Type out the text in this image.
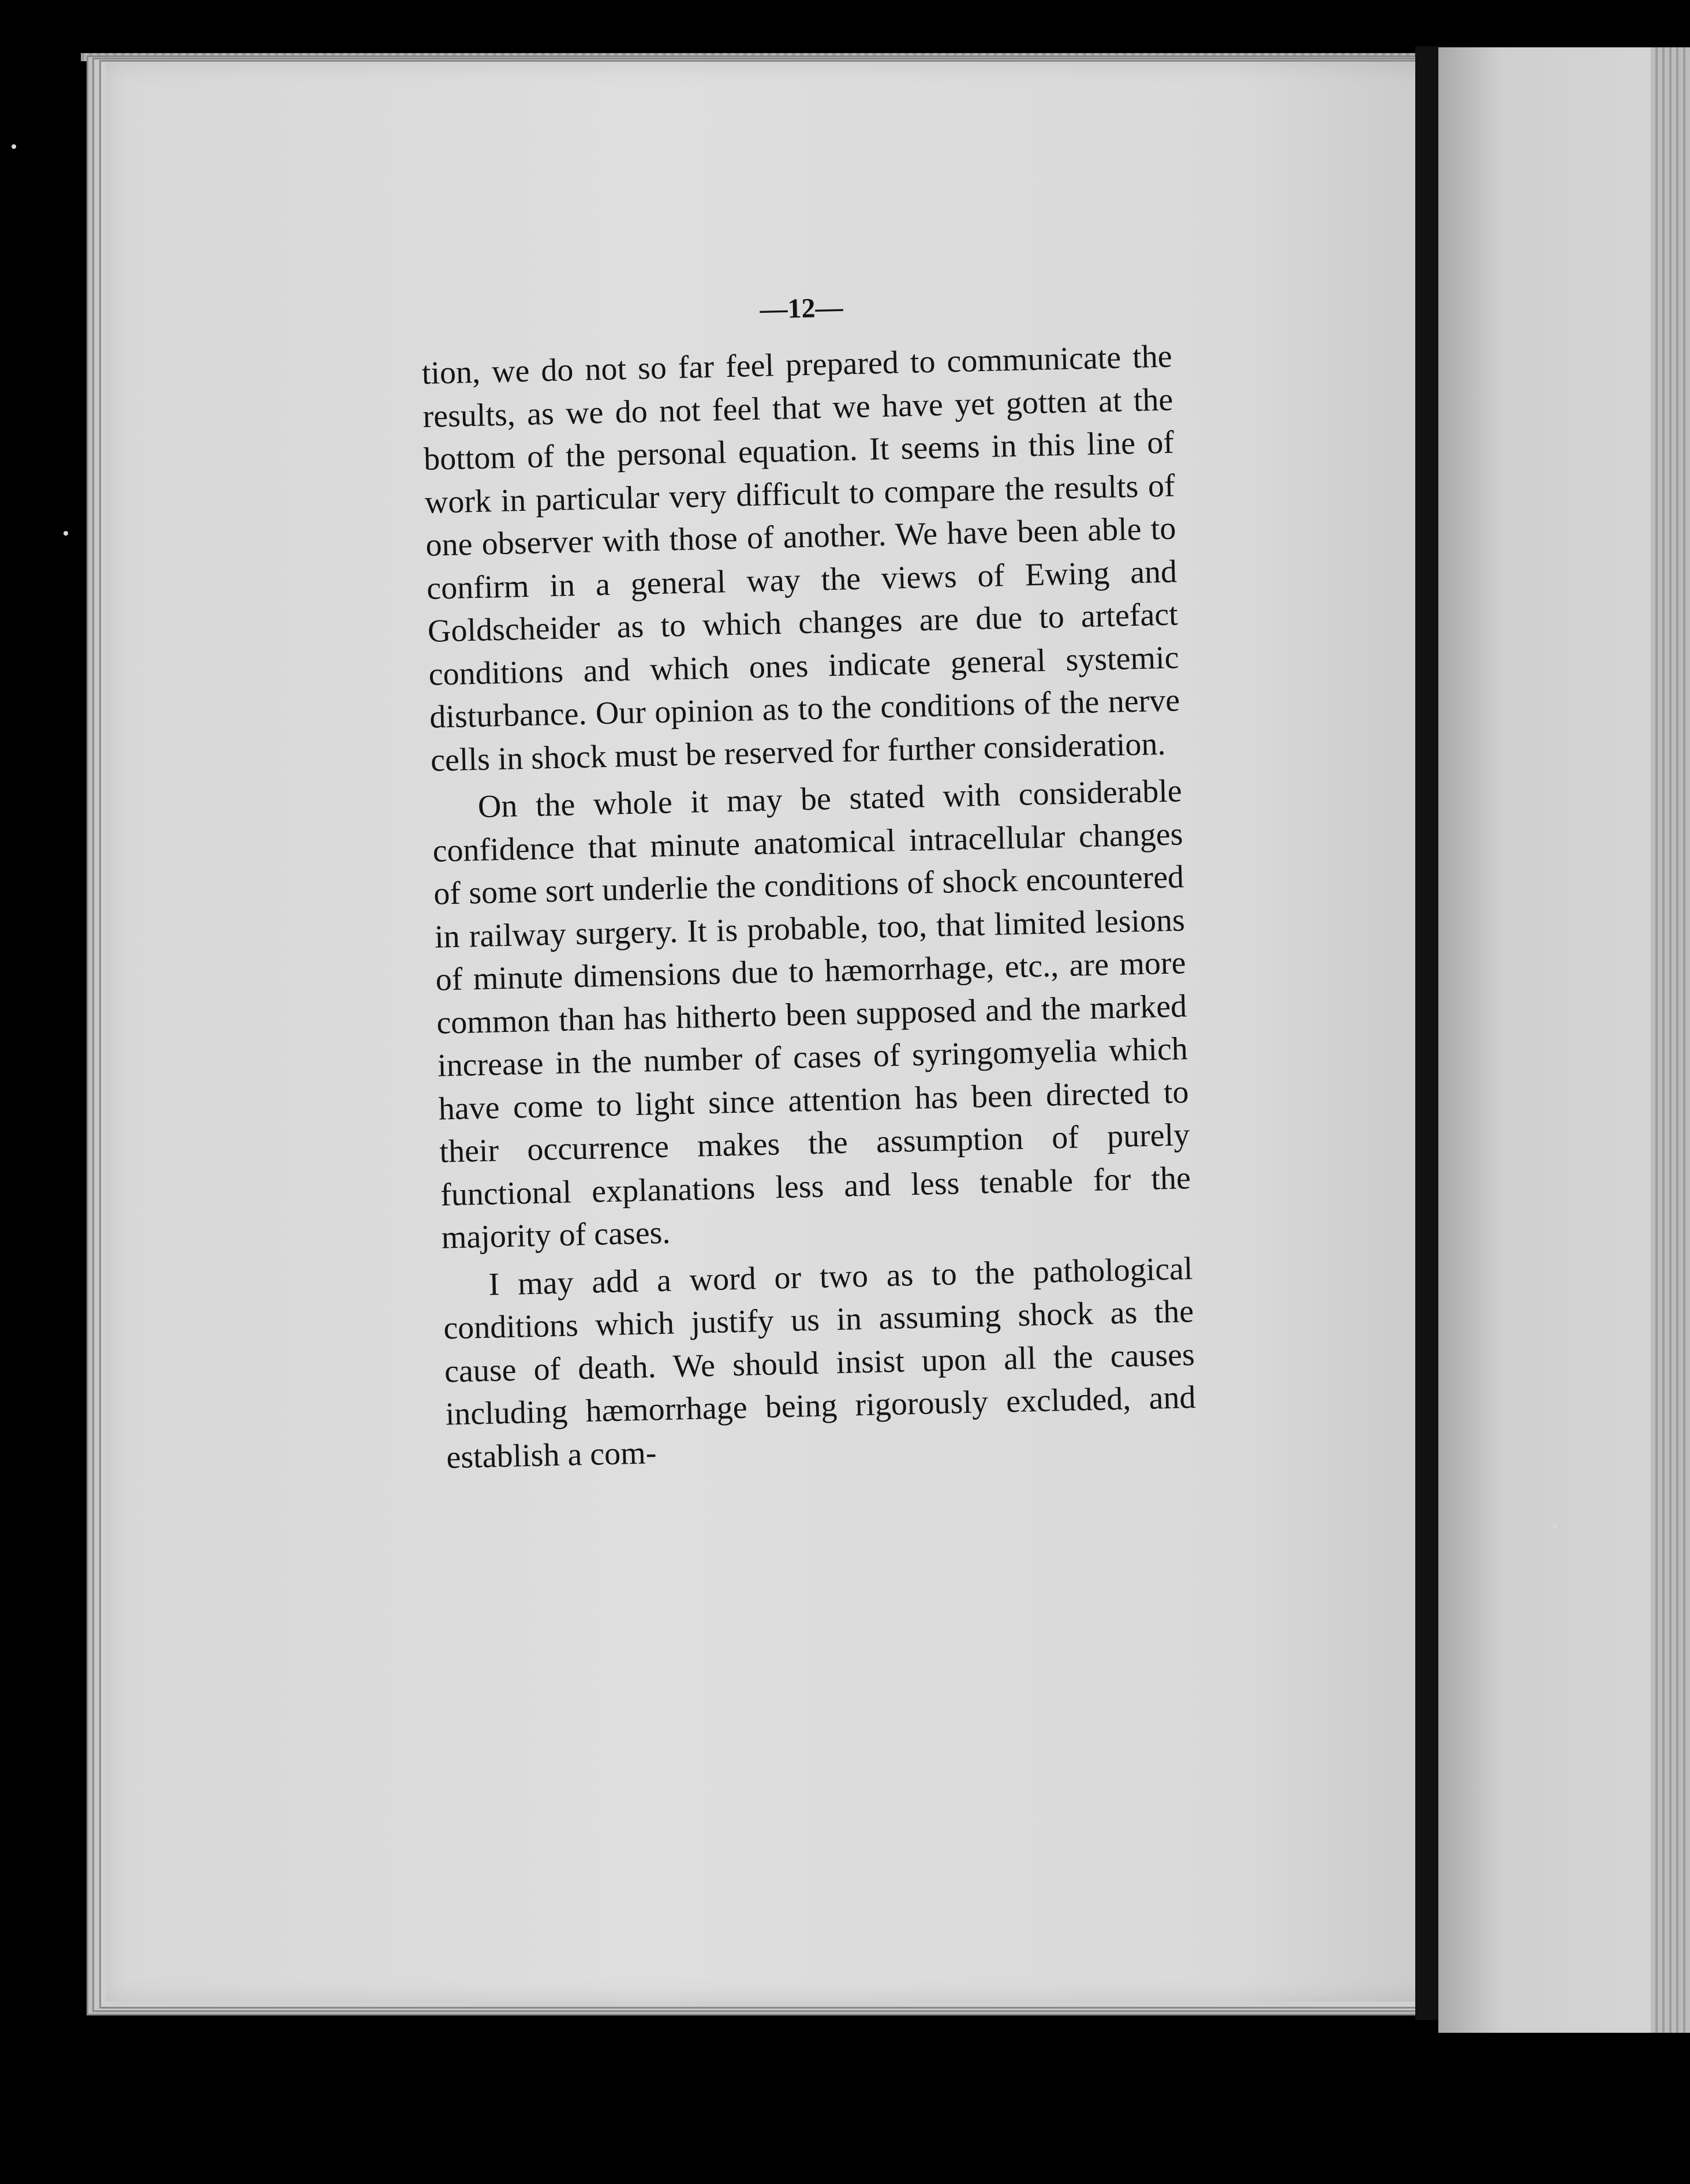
—12—

tion, we do not so far feel prepared to communicate the results, as we do not feel that we have yet gotten at the bottom of the personal equation. It seems in this line of work in particular very difficult to compare the results of one observer with those of another. We have been able to confirm in a general way the views of Ewing and Goldscheider as to which changes are due to artefact conditions and which ones indicate general systemic disturbance. Our opinion as to the conditions of the nerve cells in shock must be reserved for further consideration.

On the whole it may be stated with considerable confidence that minute anatomical intracellular changes of some sort underlie the conditions of shock encountered in railway surgery. It is probable, too, that limited lesions of minute dimensions due to hæmorrhage, etc., are more common than has hitherto been supposed and the marked increase in the number of cases of syringomyelia which have come to light since attention has been directed to their occurrence makes the assumption of purely functional explanations less and less tenable for the majority of cases.

I may add a word or two as to the pathological conditions which justify us in assuming shock as the cause of death. We should insist upon all the causes including hæmorrhage being rigorously excluded, and establish a com-
